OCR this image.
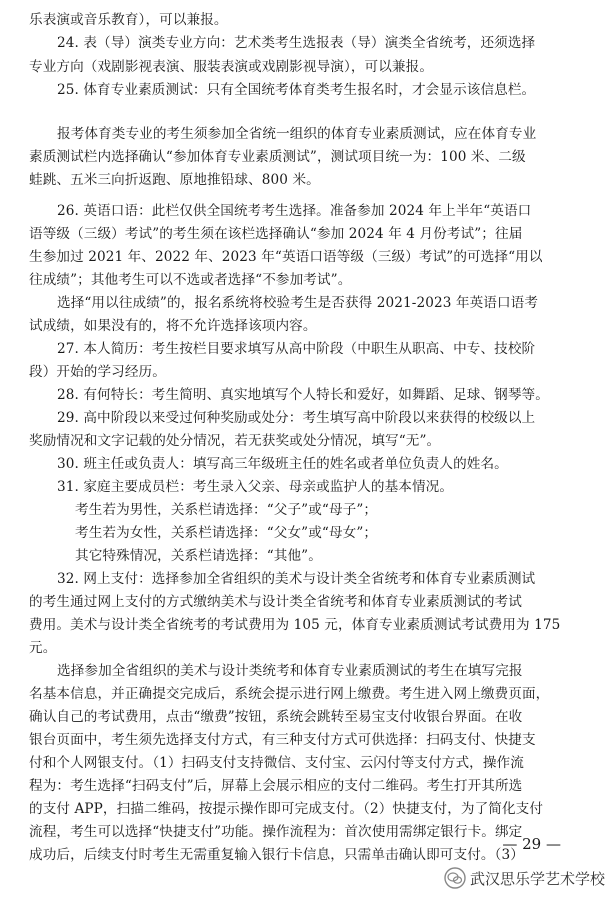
乐表演或音乐教育），可以兼报。
24. 表（导）演类专业方向：艺术类考生选报表（导）演类全省统考，还须选择
专业方向（戏剧影视表演、服装表演或戏剧影视导演），可以兼报。
25. 体育专业素质测试：只有全国统考体育类考生报名时，才会显示该信息栏。
报考体育类专业的考生须参加全省统一组织的体育专业素质测试，应在体育专业
素质测试栏内选择确认“参加体育专业素质测试”，测试项目统一为：100 米、二级
蛙跳、五米三向折返跑、原地推铅球、800 米。
26. 英语口语：此栏仅供全国统考考生选择。准备参加 2024 年上半年“英语口
语等级（三级）考试”的考生须在该栏选择确认“参加 2024 年 4 月份考试”；往届
生参加过 2021 年、2022 年、2023 年“英语口语等级（三级）考试”的可选择“用以
往成绩”；其他考生可以不选或者选择“不参加考试”。
选择“用以往成绩”的，报名系统将校验考生是否获得 2021-2023 年英语口语考
试成绩，如果没有的，将不允许选择该项内容。
27. 本人简历：考生按栏目要求填写从高中阶段（中职生从职高、中专、技校阶
段）开始的学习经历。
28. 有何特长：考生简明、真实地填写个人特长和爱好，如舞蹈、足球、钢琴等。
29. 高中阶段以来受过何种奖励或处分：考生填写高中阶段以来获得的校级以上
奖励情况和文字记载的处分情况，若无获奖或处分情况，填写“无”。
30. 班主任或负责人：填写高三年级班主任的姓名或者单位负责人的姓名。
31. 家庭主要成员栏：考生录入父亲、母亲或监护人的基本情况。
考生若为男性，关系栏请选择：“父子”或“母子”；
考生若为女性，关系栏请选择：“父女”或“母女”；
其它特殊情况，关系栏请选择：“其他”。
32. 网上支付：选择参加全省组织的美术与设计类全省统考和体育专业素质测试
的考生通过网上支付的方式缴纳美术与设计类全省统考和体育专业素质测试的考试
费用。美术与设计类全省统考的考试费用为 105 元，体育专业素质测试考试费用为 175
元。
选择参加全省组织的美术与设计类统考和体育专业素质测试的考生在填写完报
名基本信息，并正确提交完成后，系统会提示进行网上缴费。考生进入网上缴费页面，
确认自己的考试费用，点击“缴费”按钮，系统会跳转至易宝支付收银台界面。在收
银台页面中，考生须先选择支付方式，有三种支付方式可供选择：扫码支付、快捷支
付和个人网银支付。（1）扫码支付支持微信、支付宝、云闪付等支付方式，操作流
程为：考生选择“扫码支付”后，屏幕上会展示相应的支付二维码。考生打开其所选
的支付 APP，扫描二维码，按提示操作即可完成支付。（2）快捷支付，为了简化支付
流程，考生可以选择“快捷支付”功能。操作流程为：首次使用需绑定银行卡。绑定
成功后，后续支付时考生无需重复输入银行卡信息，只需单击确认即可支付。（3）
— 29 —
武汉思乐学艺术学校
